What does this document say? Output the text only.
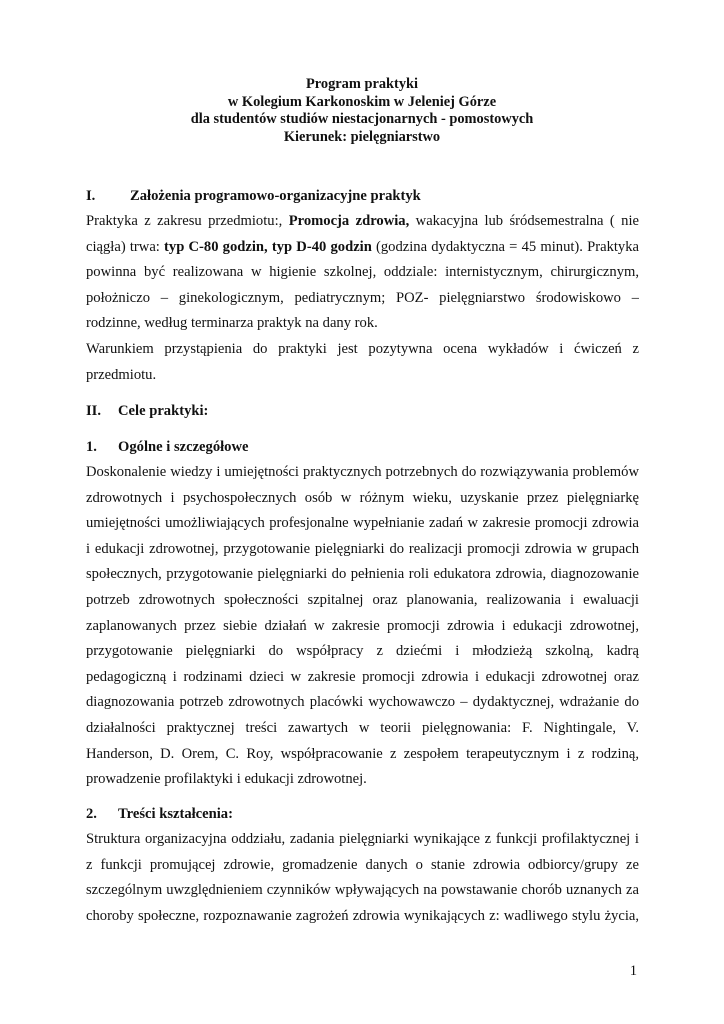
Program praktyki
w Kolegium Karkonoskim w Jeleniej Górze
dla studentów studiów niestacjonarnych - pomostowych
Kierunek: pielęgniarstwo
I. Założenia programowo-organizacyjne praktyk
Praktyka z zakresu przedmiotu:, Promocja zdrowia, wakacyjna lub śródsemestralna ( nie
ciągła) trwa: typ C-80 godzin, typ D-40 godzin (godzina dydaktyczna = 45 minut). Praktyka
powinna być realizowana w higienie szkolnej, oddziale: internistycznym, chirurgicznym,
położniczo – ginekologicznym, pediatrycznym; POZ- pielęgniarstwo środowiskowo –
rodzinne, według terminarza praktyk na dany rok.
Warunkiem przystąpienia do praktyki jest pozytywna ocena wykładów i ćwiczeń z
przedmiotu.
II. Cele praktyki:
1. Ogólne i szczegółowe
Doskonalenie wiedzy i umiejętności praktycznych potrzebnych do rozwiązywania problemów
zdrowotnych i psychospołecznych osób w różnym wieku, uzyskanie przez pielęgniarkę
umiejętności umożliwiających profesjonalne wypełnianie zadań w zakresie promocji zdrowia
i edukacji zdrowotnej, przygotowanie pielęgniarki do realizacji promocji zdrowia w grupach
społecznych, przygotowanie pielęgniarki do pełnienia roli edukatora zdrowia, diagnozowanie
potrzeb zdrowotnych społeczności szpitalnej oraz planowania, realizowania i ewaluacji
zaplanowanych przez siebie działań w zakresie promocji zdrowia i edukacji zdrowotnej,
przygotowanie pielęgniarki do współpracy z dziećmi i młodzieżą szkolną, kadrą
pedagogiczną i rodzinami dzieci w zakresie promocji zdrowia i edukacji zdrowotnej oraz
diagnozowania potrzeb zdrowotnych placówki wychowawczo – dydaktycznej, wdrażanie do
działalności praktycznej treści zawartych w teorii pielęgnowania: F. Nightingale, V.
Handerson, D. Orem, C. Roy, współpracowanie z zespołem terapeutycznym i z rodziną,
prowadzenie profilaktyki i edukacji zdrowotnej.
2. Treści kształcenia:
Struktura organizacyjna oddziału, zadania pielęgniarki wynikające z funkcji profilaktycznej i
z funkcji promującej zdrowie, gromadzenie danych o stanie zdrowia odbiorcy/grupy ze
szczególnym uwzględnieniem czynników wpływających na powstawanie chorób uznanych za
choroby społeczne, rozpoznawanie zagrożeń zdrowia wynikających z: wadliwego stylu życia,
1
